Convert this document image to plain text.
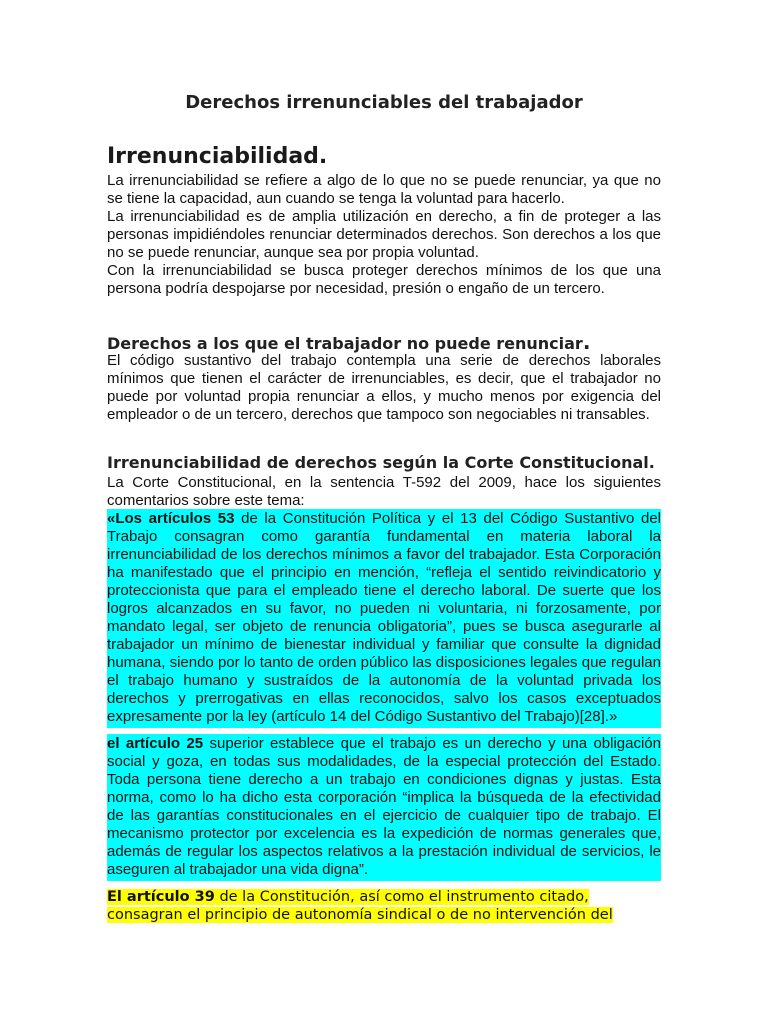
Derechos irrenunciables del trabajador
Irrenunciabilidad.
La irrenunciabilidad se refiere a algo de lo que no se puede renunciar, ya que no se tiene la capacidad, aun cuando se tenga la voluntad para hacerlo.
La irrenunciabilidad es de amplia utilización en derecho, a fin de proteger a las personas impidiéndoles renunciar determinados derechos. Son derechos a los que no se puede renunciar, aunque sea por propia voluntad.
Con la irrenunciabilidad se busca proteger derechos mínimos de los que una persona podría despojarse por necesidad, presión o engaño de un tercero.
Derechos a los que el trabajador no puede renunciar.
El código sustantivo del trabajo contempla una serie de derechos laborales mínimos que tienen el carácter de irrenunciables, es decir, que el trabajador no puede por voluntad propia renunciar a ellos, y mucho menos por exigencia del empleador o de un tercero, derechos que tampoco son negociables ni transables.
Irrenunciabilidad de derechos según la Corte Constitucional.
La Corte Constitucional, en la sentencia T-592 del 2009, hace los siguientes comentarios sobre este tema:
«Los artículos 53 de la Constitución Política y el 13 del Código Sustantivo del Trabajo consagran como garantía fundamental en materia laboral la irrenunciabilidad de los derechos mínimos a favor del trabajador. Esta Corporación ha manifestado que el principio en mención, “refleja el sentido reivindicatorio y proteccionista que para el empleado tiene el derecho laboral. De suerte que los logros alcanzados en su favor, no pueden ni voluntaria, ni forzosamente, por mandato legal, ser objeto de renuncia obligatoria”, pues se busca asegurarle al trabajador un mínimo de bienestar individual y familiar que consulte la dignidad humana, siendo por lo tanto de orden público las disposiciones legales que regulan el trabajo humano y sustraídos de la autonomía de la voluntad privada los derechos y prerrogativas en ellas reconocidos, salvo los casos exceptuados expresamente por la ley (artículo 14 del Código Sustantivo del Trabajo)[28].»
el artículo 25 superior establece que el trabajo es un derecho y una obligación social y goza, en todas sus modalidades, de la especial protección del Estado. Toda persona tiene derecho a un trabajo en condiciones dignas y justas. Esta norma, como lo ha dicho esta corporación “implica la búsqueda de la efectividad de las garantías constitucionales en el ejercicio de cualquier tipo de trabajo. El mecanismo protector por excelencia es la expedición de normas generales que, además de regular los aspectos relativos a la prestación individual de servicios, le aseguren al trabajador una vida digna”.
El artículo 39 de la Constitución, así como el instrumento citado, consagran el principio de autonomía sindical o de no intervención del
